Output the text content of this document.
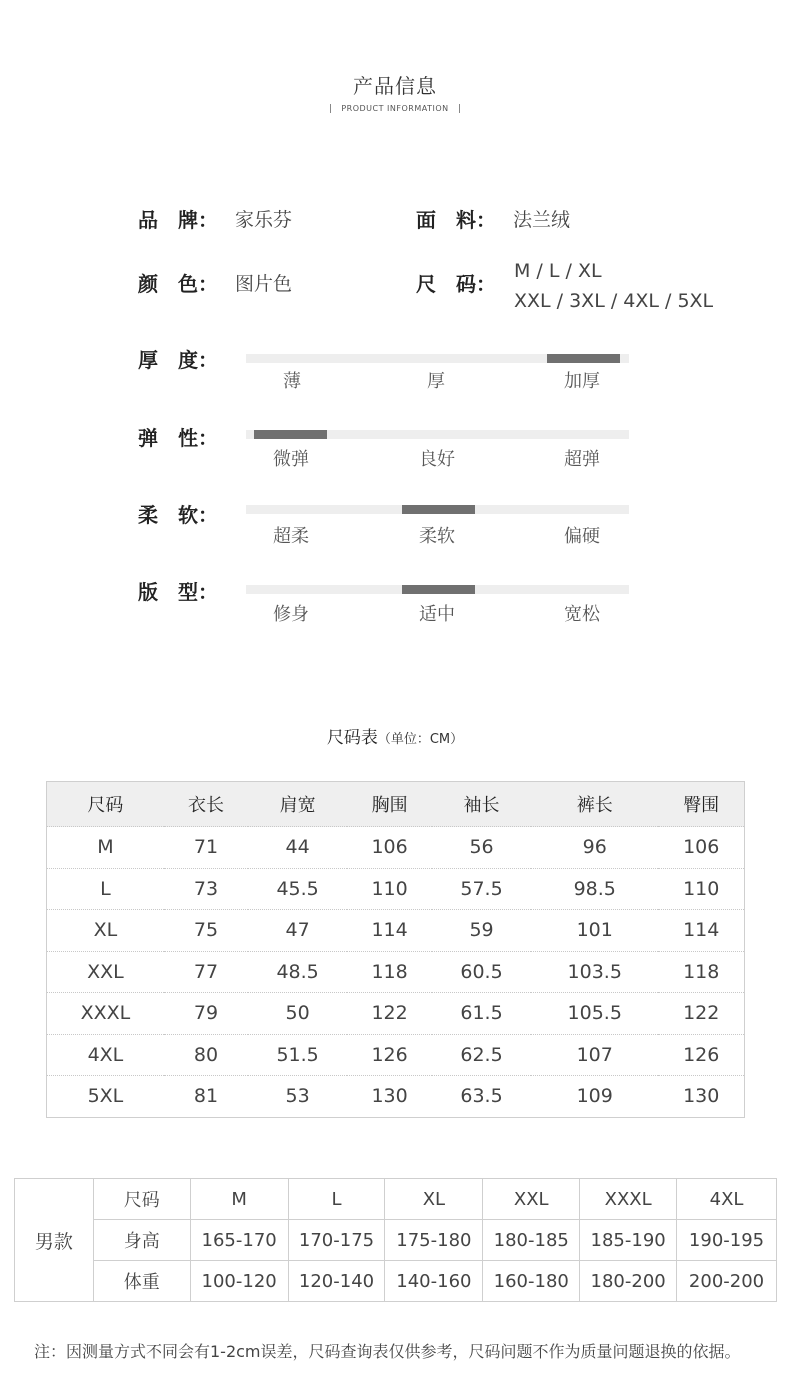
产品信息
PRODUCT INFORMATION
品 牌： 家乐芬	面 料： 法兰绒
颜 色： 图片色	尺 码：
M / L / XL
XXL / 3XL / 4XL / 5XL
厚 度：
薄	厚	加厚
弹 性：
微弹	良好	超弹
柔 软：
超柔	柔软	偏硬
版 型：
修身	适中	宽松
尺码表（单位：CM）
尺码	衣长	肩宽	胸围	袖长	裤长	臀围
M	71	44	106	56	96	106
L	73	45.5	110	57.5	98.5	110
XL	75	47	114	59	101	114
XXL	77	48.5	118	60.5	103.5	118
XXXL	79	50	122	61.5	105.5	122
4XL	80	51.5	126	62.5	107	126
5XL	81	53	130	63.5	109	130
男款	尺码	M	L	XL	XXL	XXXL	4XL
	身高	165-170	170-175	175-180	180-185	185-190	190-195
	体重	100-120	120-140	140-160	160-180	180-200	200-200
注：因测量方式不同会有1-2cm误差，尺码查询表仅供参考，尺码问题不作为质量问题退换的依据。
